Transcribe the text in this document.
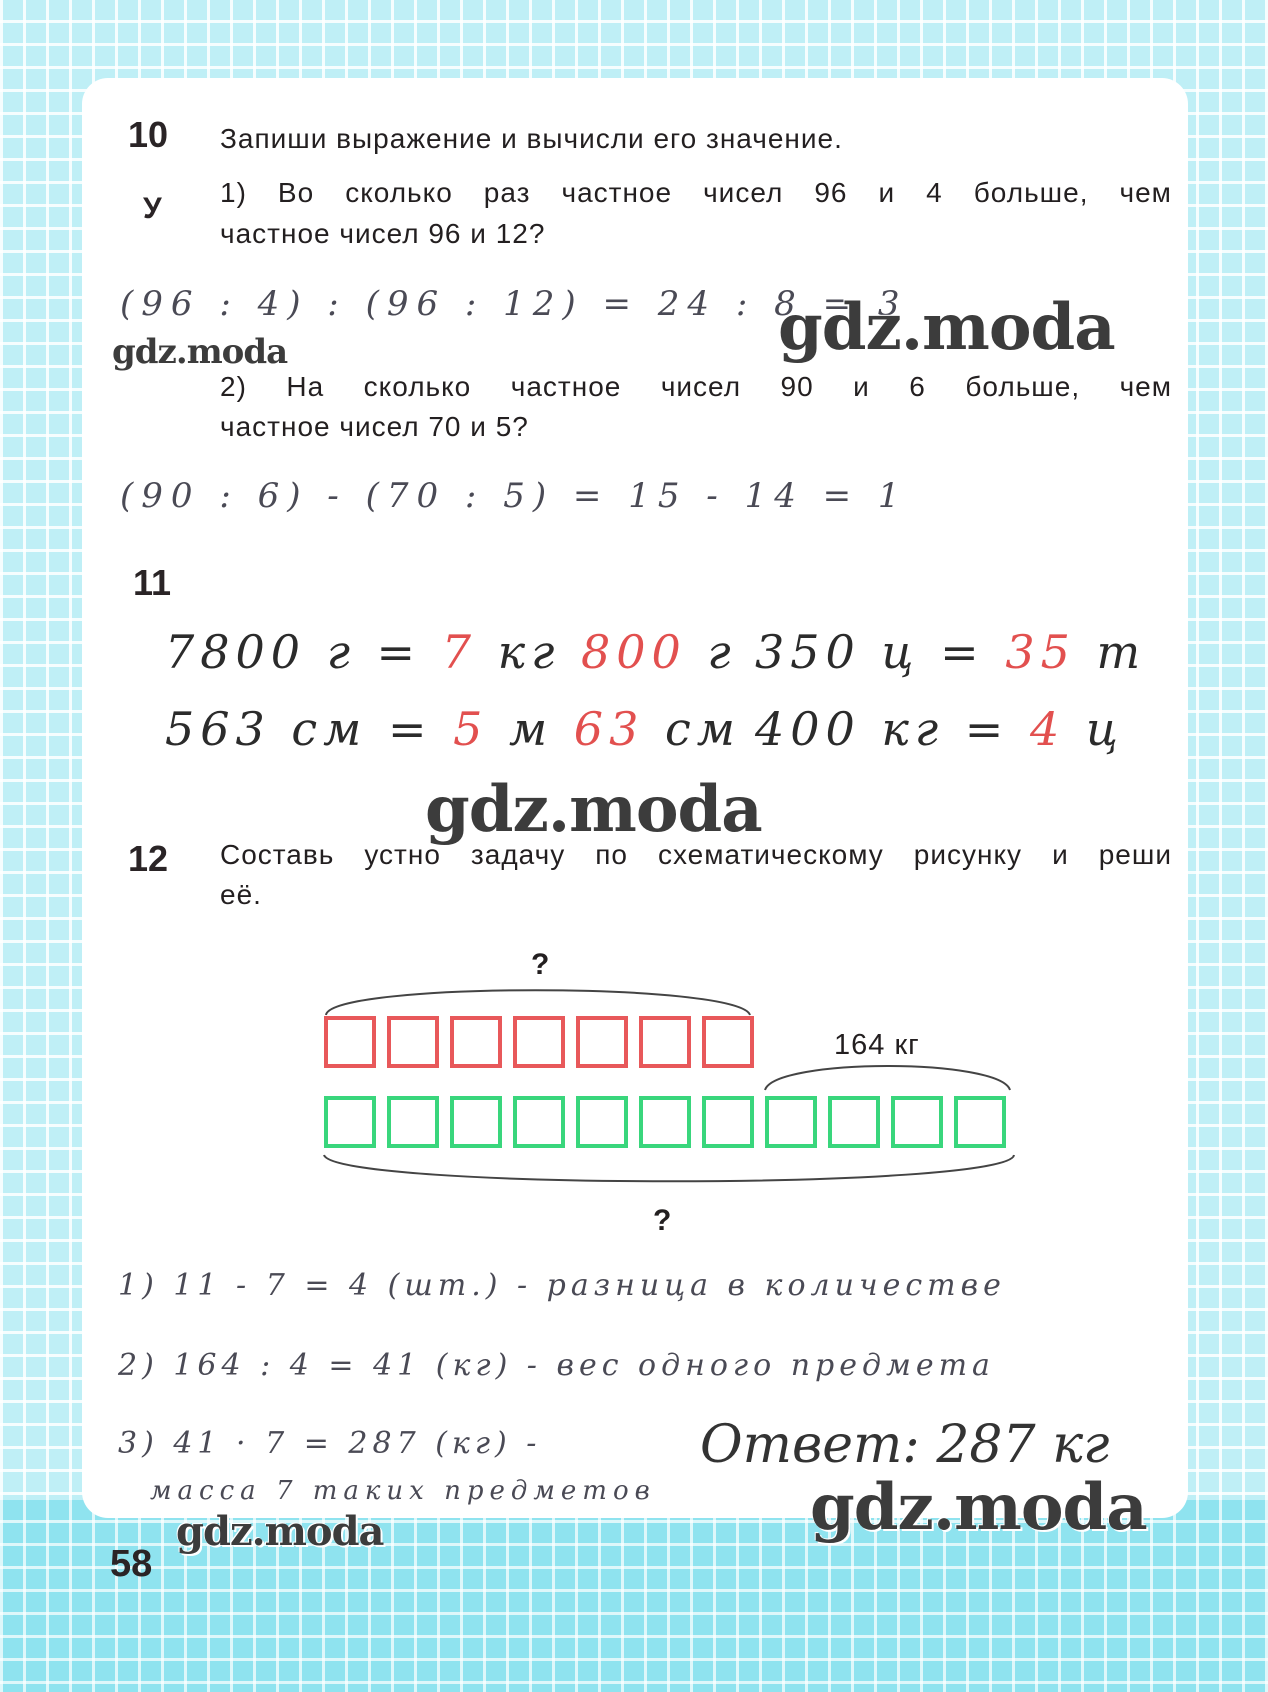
10 Запиши выражение и вычисли его значение.
У 1) Во сколько раз частное чисел 96 и 4 больше, чем
частное чисел 96 и 12?
(96 : 4) : (96 : 12) = 24 : 8 = 3
2) На сколько частное чисел 90 и 6 больше, чем
частное чисел 70 и 5?
(90 : 6) - (70 : 5) = 15 - 14 = 1
11
7800 г = 7 кг 800 г 350 ц = 35 т
563 см = 5 м 63 см 400 кг = 4 ц
12 Составь устно задачу по схематическому рисунку и реши
её.
?
164 кг
?
1) 11 - 7 = 4 (шт.) - разница в количестве
2) 164 : 4 = 41 (кг) - вес одного предмета
3) 41 · 7 = 287 (кг) -
масса 7 таких предметов
Ответ: 287 кг
gdz.moda
gdz.moda
gdz.moda
gdz.moda
gdz.moda
58
